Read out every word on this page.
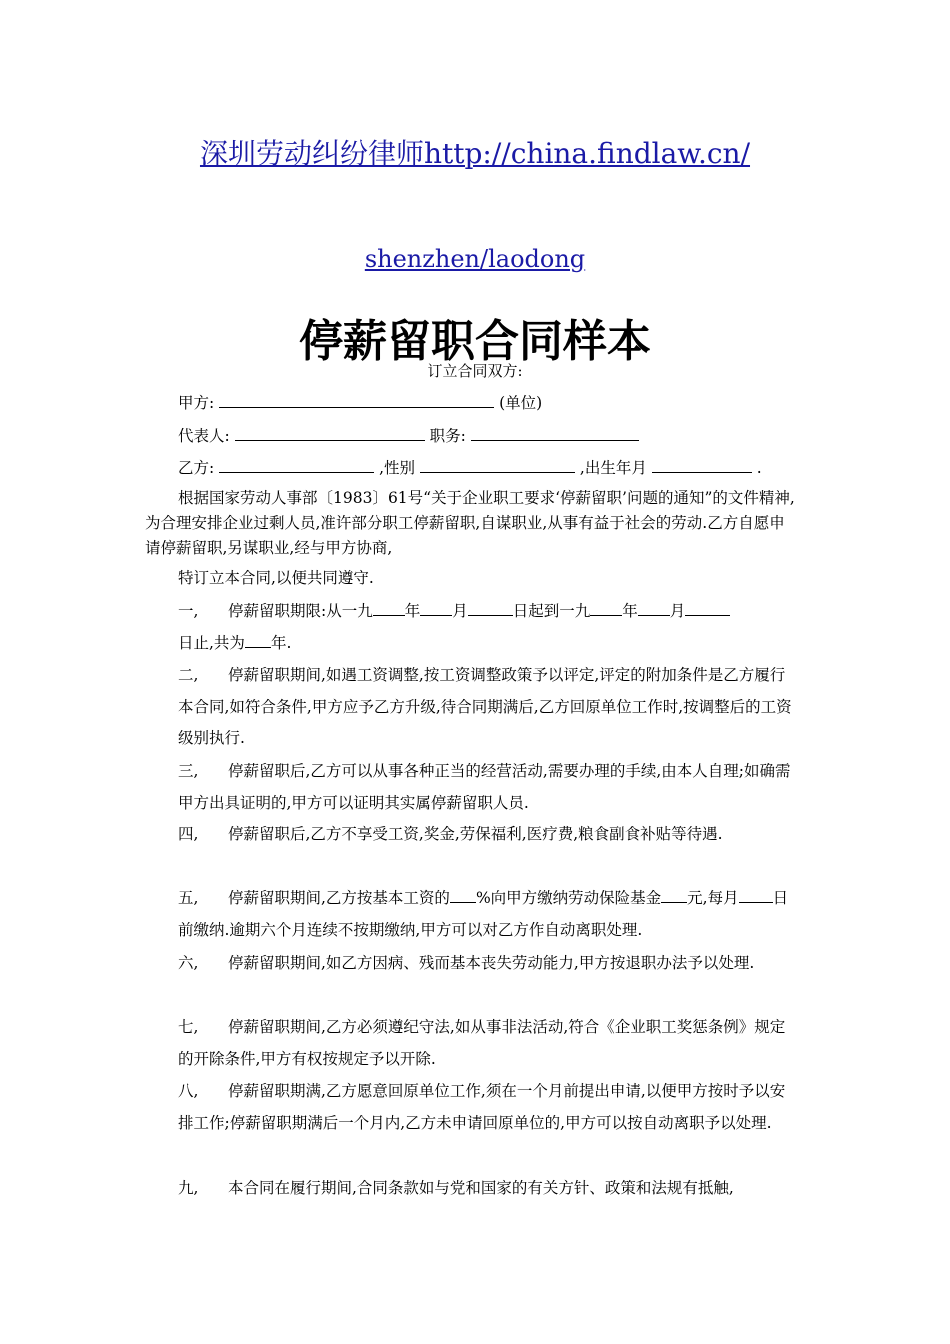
深圳劳动纠纷律师http://china.findlaw.cn/
shenzhen/laodong
停薪留职合同样本
订立合同双方:
甲方:	(单位)
代表人:	职务:
乙方:	,性别	,出生年月	.
根据国家劳动人事部〔1983〕61号“关于企业职工要求‘停薪留职’问题的通知”的文件精神,为合理安排企业过剩人员,准许部分职工停薪留职,自谋职业,从事有益于社会的劳动.乙方自愿申请停薪留职,另谋职业,经与甲方协商,
特订立本合同,以便共同遵守.
一, 停薪留职期限:从一九 年 月	日起到一九 年 月
日止,共为 年.
二, 停薪留职期间,如遇工资调整,按工资调整政策予以评定,评定的附加条件是乙方履行本合同,如符合条件,甲方应予乙方升级,待合同期满后,乙方回原单位工作时,按调整后的工资级别执行.
三, 停薪留职后,乙方可以从事各种正当的经营活动,需要办理的手续,由本人自理;如确需甲方出具证明的,甲方可以证明其实属停薪留职人员.
四, 停薪留职后,乙方不享受工资,奖金,劳保福利,医疗费,粮食副食补贴等待遇.
五, 停薪留职期间,乙方按基本工资的 %向甲方缴纳劳动保险基金 元,每月 日前缴纳.逾期六个月连续不按期缴纳,甲方可以对乙方作自动离职处理.
六, 停薪留职期间,如乙方因病、残而基本丧失劳动能力,甲方按退职办法予以处理.
七, 停薪留职期间,乙方必须遵纪守法,如从事非法活动,符合《企业职工奖惩条例》规定的开除条件,甲方有权按规定予以开除.
八, 停薪留职期满,乙方愿意回原单位工作,须在一个月前提出申请,以便甲方按时予以安排工作;停薪留职期满后一个月内,乙方未申请回原单位的,甲方可以按自动离职予以处理.
九, 本合同在履行期间,合同条款如与党和国家的有关方针、政策和法规有抵触,
